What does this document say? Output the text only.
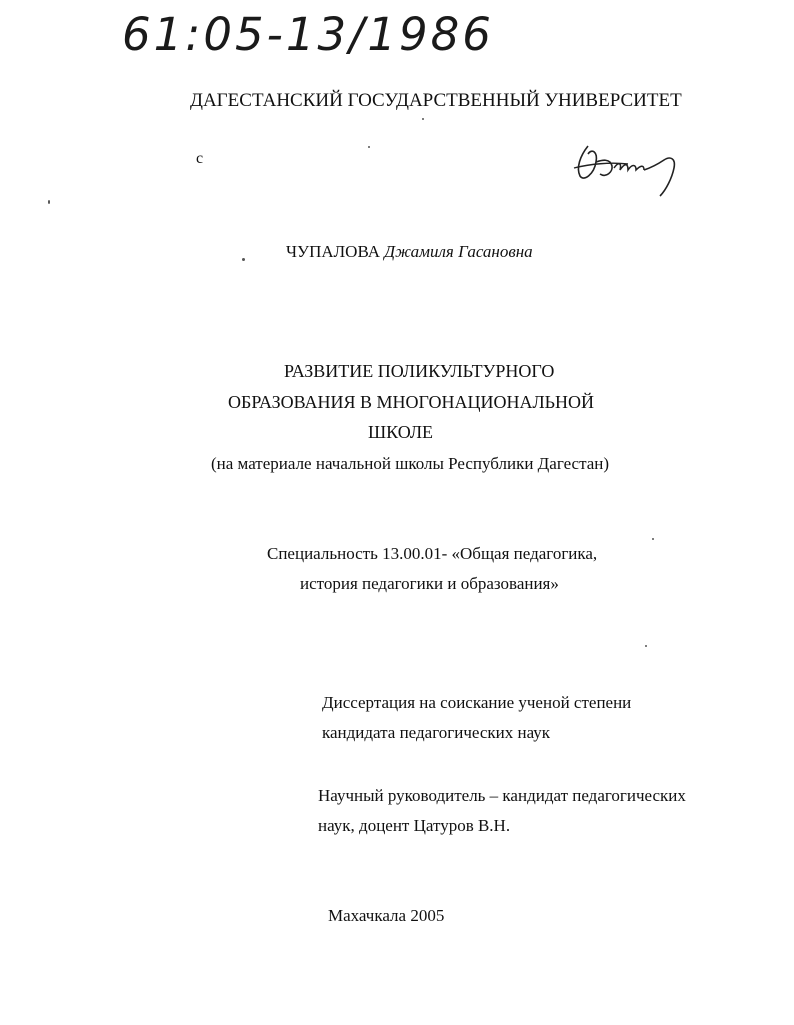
61:05-13/1986
ДАГЕСТАНСКИЙ ГОСУДАРСТВЕННЫЙ УНИВЕРСИТЕТ
с
ЧУПАЛОВА Джамиля Гасановна
РАЗВИТИЕ ПОЛИКУЛЬТУРНОГО
ОБРАЗОВАНИЯ В МНОГОНАЦИОНАЛЬНОЙ
ШКОЛЕ
(на материале начальной школы Республики Дагестан)
Специальность 13.00.01- «Общая педагогика,
история педагогики и образования»
Диссертация на соискание ученой степени
кандидата педагогических наук
Научный руководитель – кандидат педагогических
наук, доцент Цатуров В.Н.
Махачкала 2005
